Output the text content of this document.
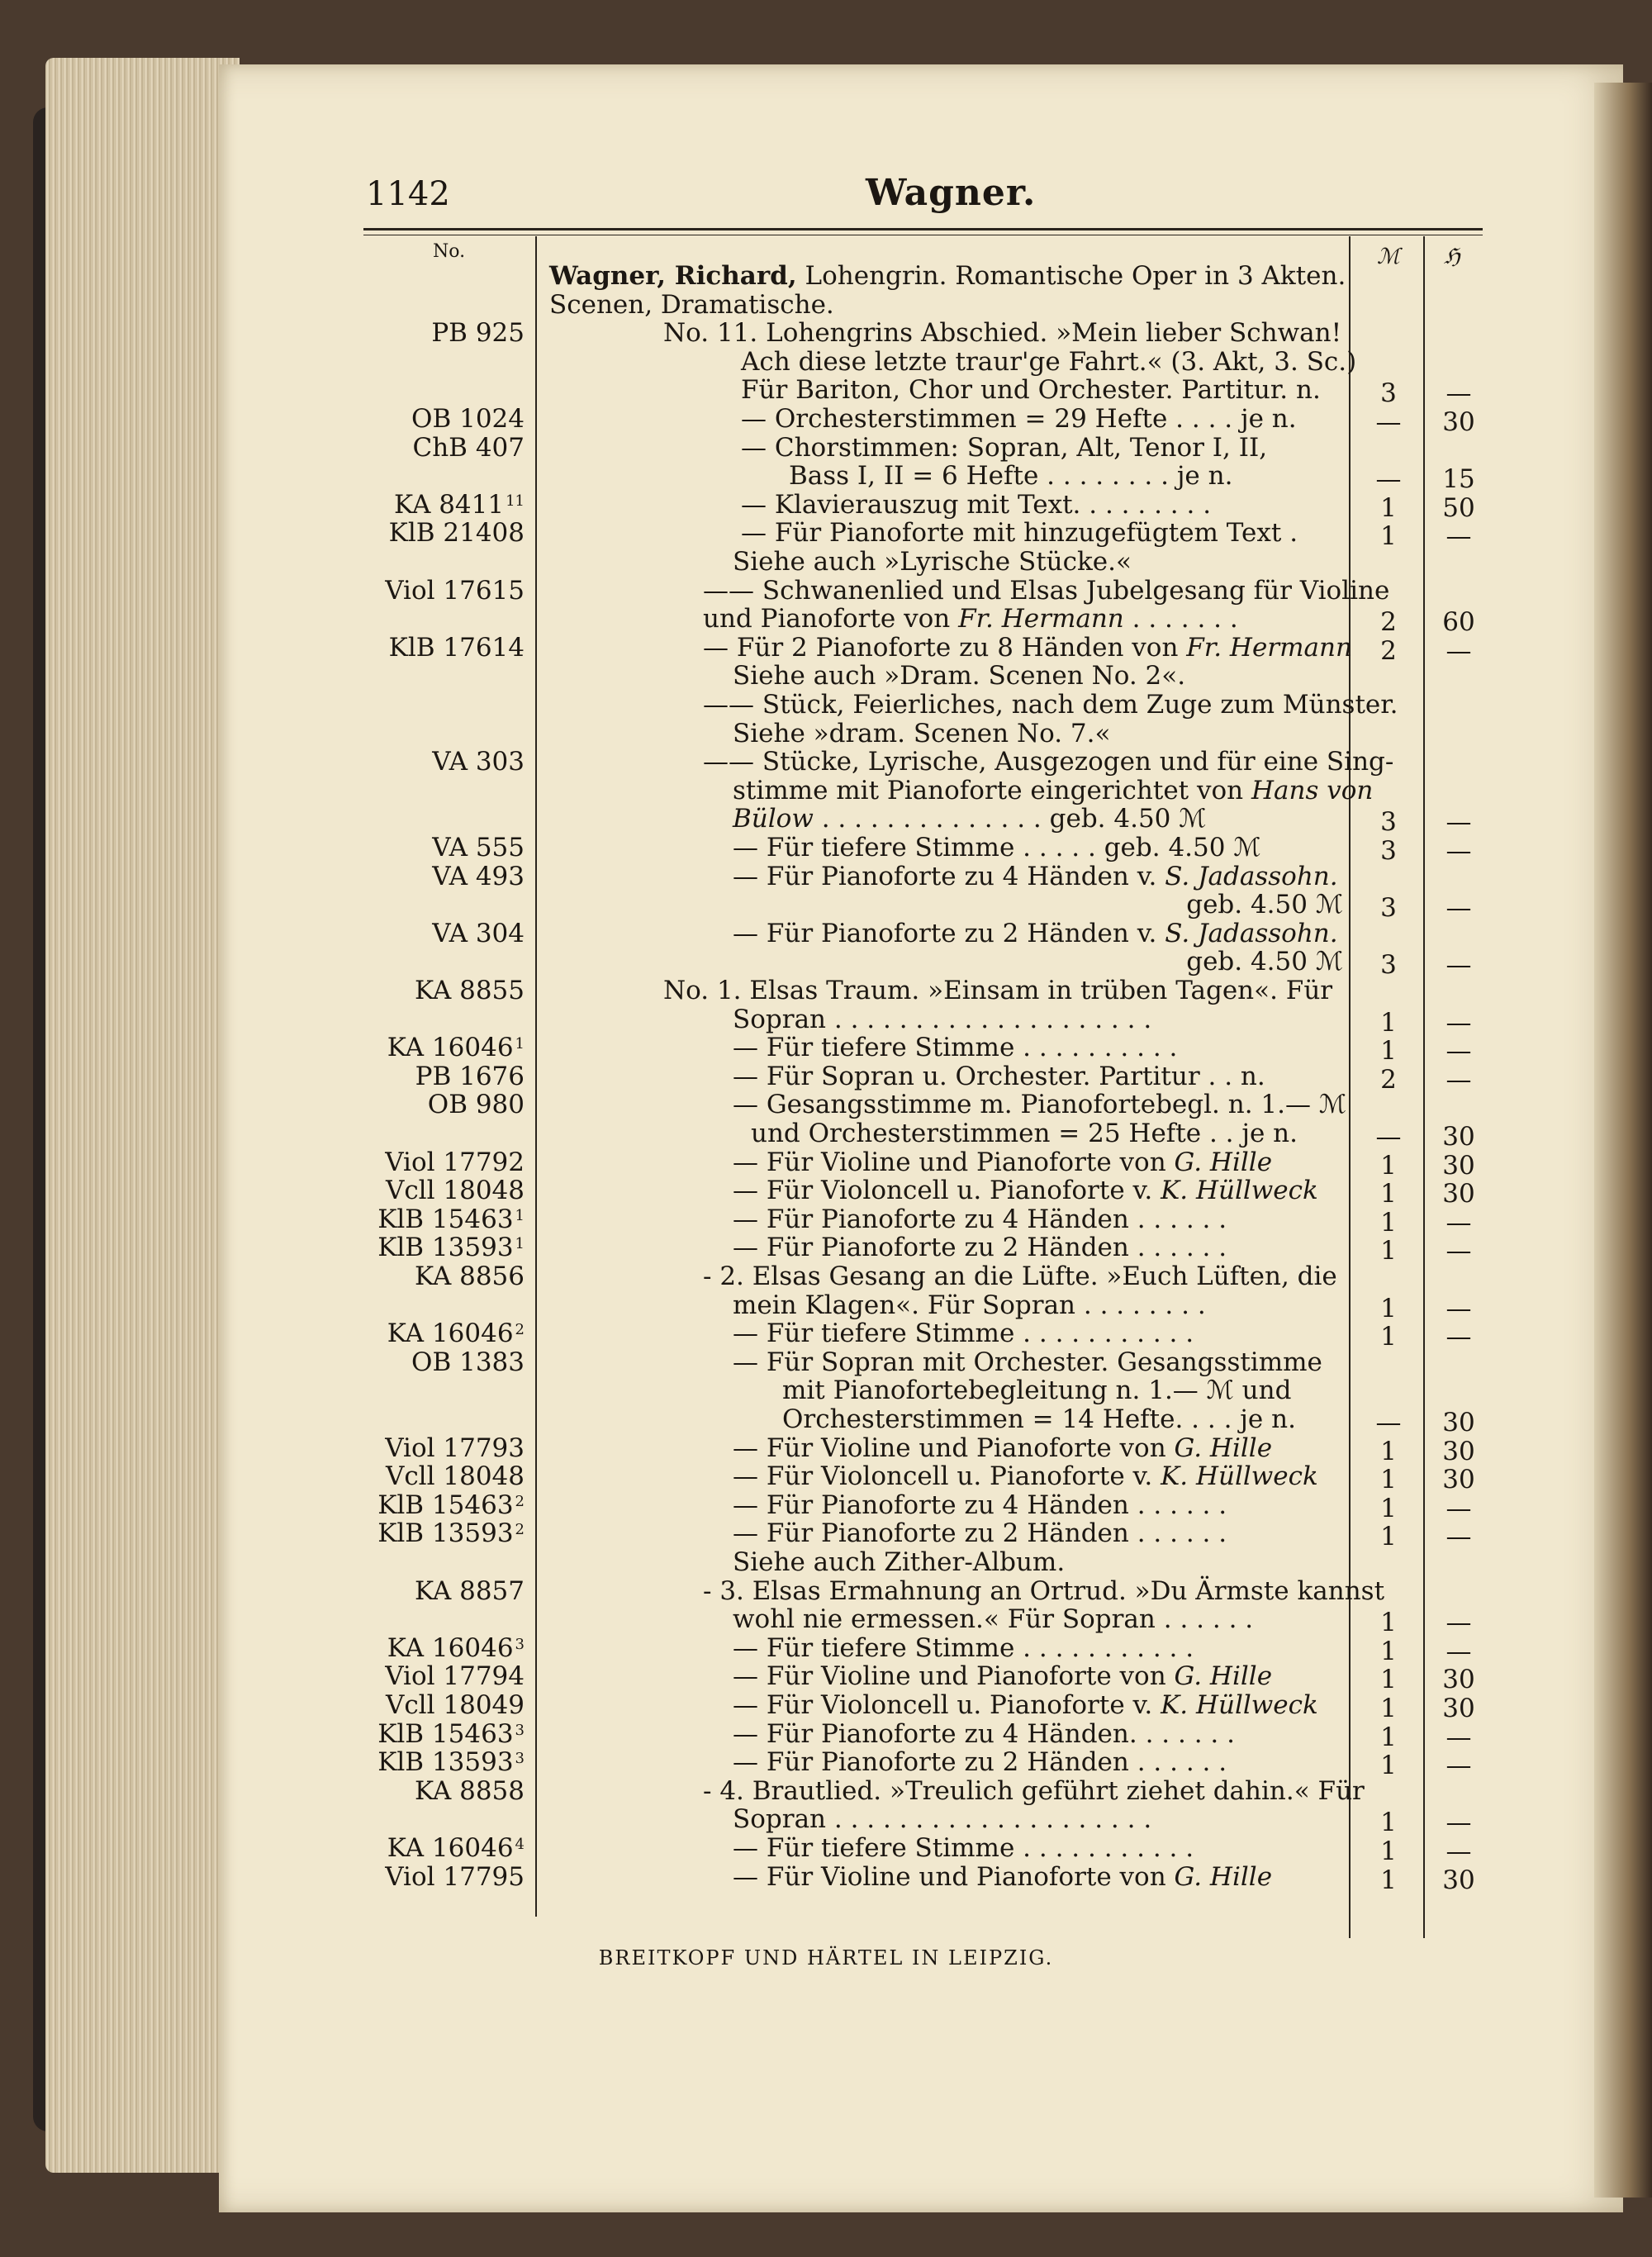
1142	Wagner.
No.	ℳ ℌ
Wagner, Richard, Lohengrin. Romantische Oper in 3 Akten.
Scenen, Dramatische.
PB 925	No. 11. Lohengrins Abschied. »Mein lieber Schwan!
Ach diese letzte traur'ge Fahrt.« (3. Akt, 3. Sc.)
Für Bariton, Chor und Orchester. Partitur. n.	3	—
OB 1024	— Orchesterstimmen = 29 Hefte . . . . je n.	—	30
ChB 407	— Chorstimmen: Sopran, Alt, Tenor I, II,
Bass I, II = 6 Hefte . . . . . . . . je n.	—	15
KA 8411 $^{11}$	— Klavierauszug mit Text. . . . . . . . .	1	50
KlB 21408	— Für Pianoforte mit hinzugefügtem Text .	1	—
Siehe auch »Lyrische Stücke.«
Viol 17615	—— Schwanenlied und Elsas Jubelgesang für Violine
und Pianoforte von Fr. Hermann . . . . . . .	2	60
KlB 17614	— Für 2 Pianoforte zu 8 Händen von Fr. Hermann	2	—
Siehe auch »Dram. Scenen No. 2«.
—— Stück, Feierliches, nach dem Zuge zum Münster.
Siehe »dram. Scenen No. 7.«
VA 303	—— Stücke, Lyrische, Ausgezogen und für eine Sing-
stimme mit Pianoforte eingerichtet von Hans von
Bülow . . . . . . . . . . . . . . geb. 4.50 ℳ	3	—
VA 555	— Für tiefere Stimme . . . . . geb. 4.50 ℳ	3	—
VA 493	— Für Pianoforte zu 4 Händen v. S. Jadassohn.
geb. 4.50 ℳ	3	—
VA 304	— Für Pianoforte zu 2 Händen v. S. Jadassohn.
geb. 4.50 ℳ	3	—
KA 8855	No. 1. Elsas Traum. »Einsam in trüben Tagen«. Für
Sopran . . . . . . . . . . . . . . . . . . . .	1	—
KA 16046 $^1$	— Für tiefere Stimme . . . . . . . . . .	1	—
PB 1676	— Für Sopran u. Orchester. Partitur . . n.	2	—
OB 980	— Gesangsstimme m. Pianofortebegl. n. 1.— ℳ
und Orchesterstimmen = 25 Hefte . . je n.	—	30
Viol 17792	— Für Violine und Pianoforte von G. Hille	1	30
Vcll 18048	— Für Violoncell u. Pianoforte v. K. Hüllweck	1	30
KlB 15463 $^1$	— Für Pianoforte zu 4 Händen . . . . . .	1	—
KlB 13593 $^1$	— Für Pianoforte zu 2 Händen . . . . . .	1	—
KA 8856	- 2. Elsas Gesang an die Lüfte. »Euch Lüften, die
mein Klagen«. Für Sopran . . . . . . . .	1	—
KA 16046 $^2$	— Für tiefere Stimme . . . . . . . . . . .	1	—
OB 1383	— Für Sopran mit Orchester. Gesangsstimme
mit Pianofortebegleitung n. 1.— ℳ und
Orchesterstimmen = 14 Hefte. . . . je n.	—	30
Viol 17793	— Für Violine und Pianoforte von G. Hille	1	30
Vcll 18048	— Für Violoncell u. Pianoforte v. K. Hüllweck	1	30
KlB 15463 $^2$	— Für Pianoforte zu 4 Händen . . . . . .	1	—
KlB 13593 $^2$	— Für Pianoforte zu 2 Händen . . . . . .	1	—
Siehe auch Zither-Album.
KA 8857	- 3. Elsas Ermahnung an Ortrud. »Du Ärmste kannst
wohl nie ermessen.« Für Sopran . . . . . .	1	—
KA 16046 $^3$	— Für tiefere Stimme . . . . . . . . . . .	1	—
Viol 17794	— Für Violine und Pianoforte von G. Hille	1	30
Vcll 18049	— Für Violoncell u. Pianoforte v. K. Hüllweck	1	30
KlB 15463 $^3$	— Für Pianoforte zu 4 Händen. . . . . . .	1	—
KlB 13593 $^3$	— Für Pianoforte zu 2 Händen . . . . . .	1	—
KA 8858	- 4. Brautlied. »Treulich geführt ziehet dahin.« Für
Sopran . . . . . . . . . . . . . . . . . . . .	1	—
KA 16046 $^4$	— Für tiefere Stimme . . . . . . . . . . .	1	—
Viol 17795	— Für Violine und Pianoforte von G. Hille	1	30
BREITKOPF UND HÄRTEL IN LEIPZIG.
